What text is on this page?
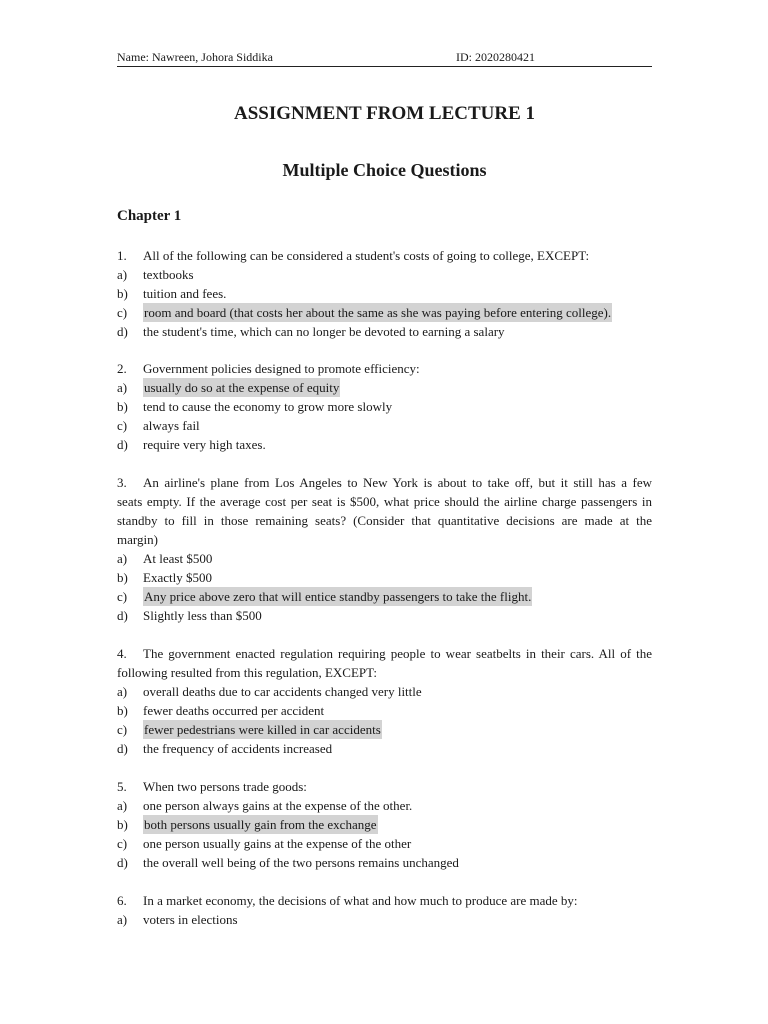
Name: Nawreen, Johora Siddika	ID: 2020280421
ASSIGNMENT FROM LECTURE 1
Multiple Choice Questions
Chapter 1
1. All of the following can be considered a student's costs of going to college, EXCEPT:
a) textbooks
b) tuition and fees.
c) room and board (that costs her about the same as she was paying before entering college).
d) the student's time, which can no longer be devoted to earning a salary
2. Government policies designed to promote efficiency:
a) usually do so at the expense of equity
b) tend to cause the economy to grow more slowly
c) always fail
d) require very high taxes.
3. An airline's plane from Los Angeles to New York is about to take off, but it still has a few
seats empty. If the average cost per seat is $500, what price should the airline charge passengers in
standby to fill in those remaining seats? (Consider that quantitative decisions are made at the
margin)
a) At least $500
b) Exactly $500
c) Any price above zero that will entice standby passengers to take the flight.
d) Slightly less than $500
4. The government enacted regulation requiring people to wear seatbelts in their cars. All of the
following resulted from this regulation, EXCEPT:
a) overall deaths due to car accidents changed very little
b) fewer deaths occurred per accident
c) fewer pedestrians were killed in car accidents
d) the frequency of accidents increased
5. When two persons trade goods:
a) one person always gains at the expense of the other.
b) both persons usually gain from the exchange
c) one person usually gains at the expense of the other
d) the overall well being of the two persons remains unchanged
6. In a market economy, the decisions of what and how much to produce are made by:
a) voters in elections
